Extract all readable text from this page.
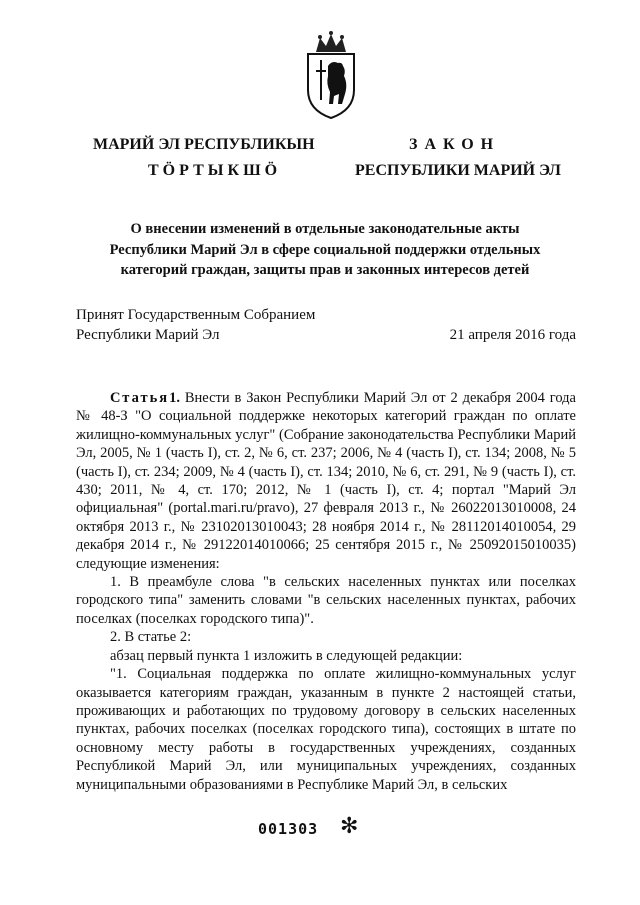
МАРИЙ ЭЛ РЕСПУБЛИКЫН
ТӦРТЫКШӦ
ЗАКОН
РЕСПУБЛИКИ МАРИЙ ЭЛ
О внесении изменений в отдельные законодательные акты
Республики Марий Эл в сфере социальной поддержки отдельных
категорий граждан, защиты прав и законных интересов детей
Принят Государственным Собранием
Республики Марий Эл	21 апреля 2016 года

Статья1. Внести в Закон Республики Марий Эл от 2 декабря 2004 года № 48-З "О социальной поддержке некоторых категорий граждан по оплате жилищно-коммунальных услуг" (Собрание законодательства Республики Марий Эл, 2005, № 1 (часть I), ст. 2, № 6, ст. 237; 2006, № 4 (часть I), ст. 134; 2008, № 5 (часть I), ст. 234; 2009, № 4 (часть I), ст. 134; 2010, № 6, ст. 291, № 9 (часть I), ст. 430; 2011, № 4, ст. 170; 2012, № 1 (часть I), ст. 4; портал "Марий Эл официальная" (portal.mari.ru/pravo), 27 февраля 2013 г., № 26022013010008, 24 октября 2013 г., № 23102013010043; 28 ноября 2014 г., № 28112014010054, 29 декабря 2014 г., № 29122014010066; 25 сентября 2015 г., № 25092015010035) следующие изменения:

1. В преамбуле слова "в сельских населенных пунктах или поселках городского типа" заменить словами "в сельских населенных пунктах, рабочих поселках (поселках городского типа)".

2. В статье 2:

абзац первый пункта 1 изложить в следующей редакции:

"1. Социальная поддержка по оплате жилищно-коммунальных услуг оказывается категориям граждан, указанным в пункте 2 настоящей статьи, проживающих и работающих по трудовому договору в сельских населенных пунктах, рабочих поселках (поселках городского типа), состоящих в штате по основному месту работы в государственных учреждениях, созданных Республикой Марий Эл, или муниципальных учреждениях, созданных муниципальными образованиями в Республике Марий Эл, в сельских

001303 ✻
